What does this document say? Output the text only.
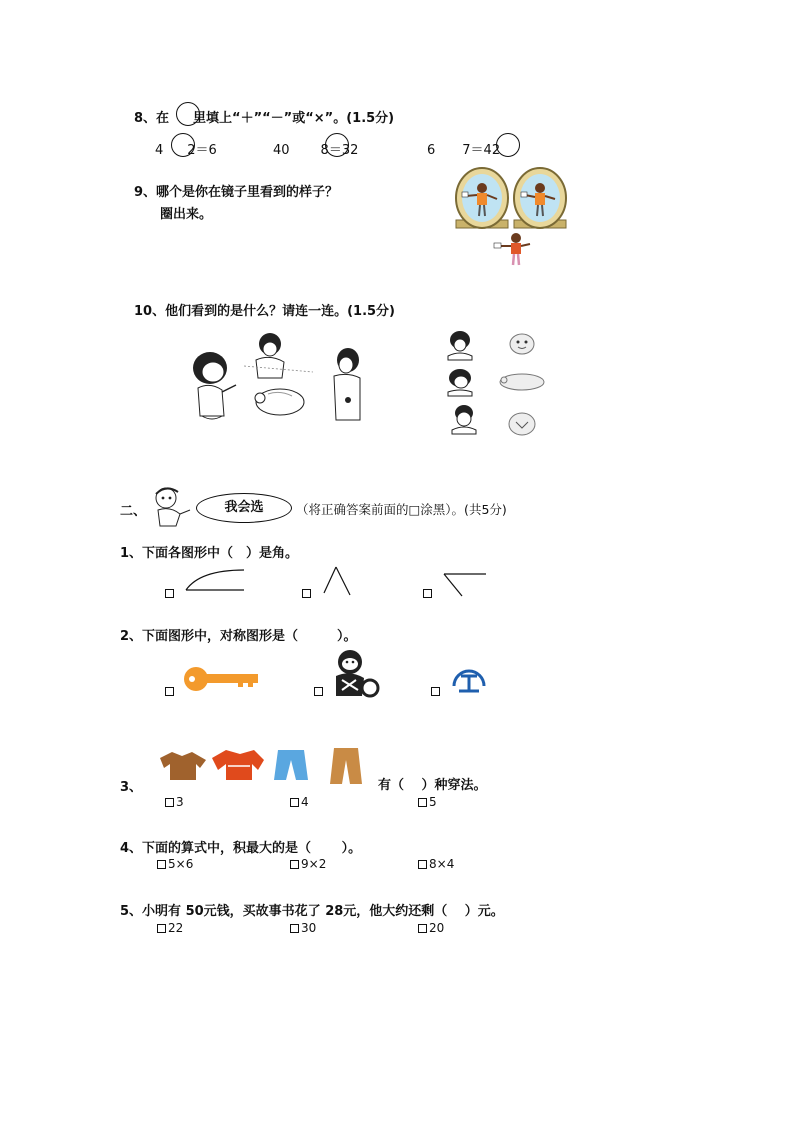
8、在 里填上“＋”“－”或“×”。(1.5分)
4 2＝6	40 8＝32	6 7＝42
9、哪个是你在镜子里看到的样子？
圈出来。
10、他们看到的是什么？请连一连。(1.5分)
二、	我会选	（将正确答案前面的□涂黑）。(共5分)
1、下面各图形中（　）是角。
2、下面图形中，对称图形是（　　　）。
3、	有（　 ）种穿法。
3	4	5
4、下面的算式中，积最大的是（　　 ）。
5×6	9×2	8×4
5、小明有 50元钱，买故事书花了 28元，他大约还剩（　 ）元。
22	30	20
